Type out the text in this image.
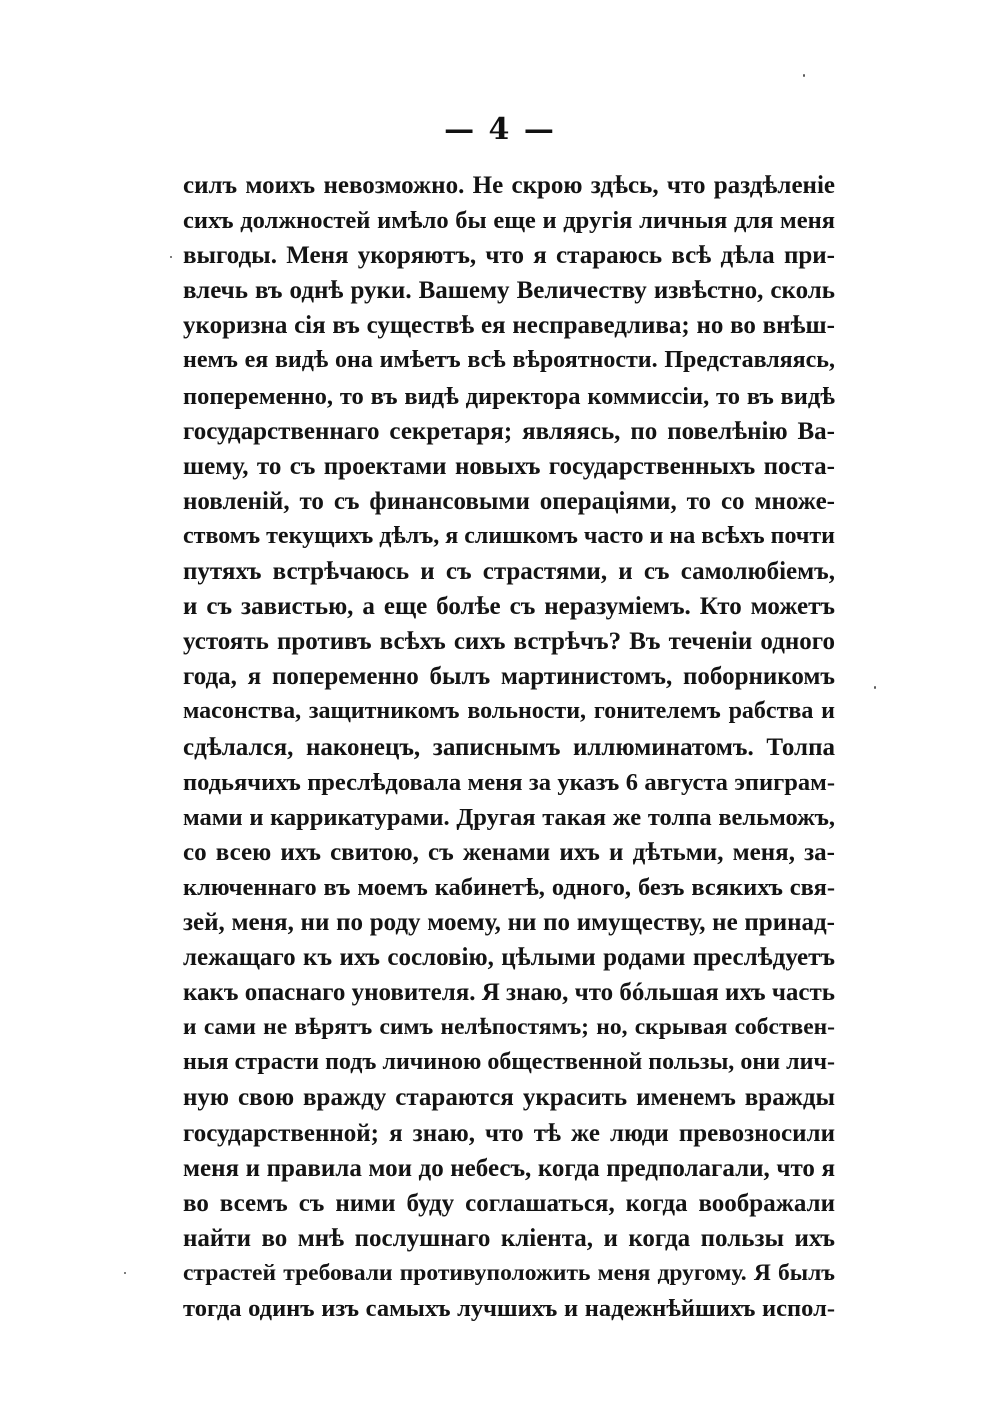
— 4 —
силъ моихъ невозможно. Не скрою здѣсь, что раздѣленіе
сихъ должностей имѣло бы еще и другія личныя для меня
выгоды. Меня укоряютъ, что я стараюсь всѣ дѣла при-
влечь въ однѣ руки. Вашему Величеству извѣстно, сколь
укоризна сія въ существѣ ея несправедлива; но во внѣш-
немъ ея видѣ она имѣетъ всѣ вѣроятности. Представляясь,
попеременно, то въ видѣ директора коммиссіи, то въ видѣ
государственнаго секретаря; являясь, по повелѣнію Ва-
шему, то съ проектами новыхъ государственныхъ поста-
новленій, то съ финансовыми операціями, то со множе-
ствомъ текущихъ дѣлъ, я слишкомъ часто и на всѣхъ почти
путяхъ встрѣчаюсь и съ страстями, и съ самолюбіемъ,
и съ завистью, а еще болѣе съ неразуміемъ. Кто можетъ
устоять противъ всѣхъ сихъ встрѣчъ? Въ теченіи одного
года, я попеременно былъ мартинистомъ, поборникомъ
масонства, защитникомъ вольности, гонителемъ рабства и
сдѣлался, наконецъ, записнымъ иллюминатомъ. Толпа
подьячихъ преслѣдовала меня за указъ 6 августа эпиграм-
мами и каррикатурами. Другая такая же толпа вельможъ,
со всею ихъ свитою, съ женами ихъ и дѣтьми, меня, за-
ключеннаго въ моемъ кабинетѣ, одного, безъ всякихъ свя-
зей, меня, ни по роду моему, ни по имуществу, не принад-
лежащаго къ ихъ сословію, цѣлыми родами преслѣдуетъ
какъ опаснаго уновителя. Я знаю, что бóльшая ихъ часть
и сами не вѣрятъ симъ нелѣпостямъ; но, скрывая собствен-
ныя страсти подъ личиною общественной пользы, они лич-
ную свою вражду стараются украсить именемъ вражды
государственной; я знаю, что тѣ же люди превозносили
меня и правила мои до небесъ, когда предполагали, что я
во всемъ съ ними буду соглашаться, когда воображали
найти во мнѣ послушнаго кліента, и когда пользы ихъ
страстей требовали противуположить меня другому. Я былъ
тогда одинъ изъ самыхъ лучшихъ и надежнѣйшихъ испол-
